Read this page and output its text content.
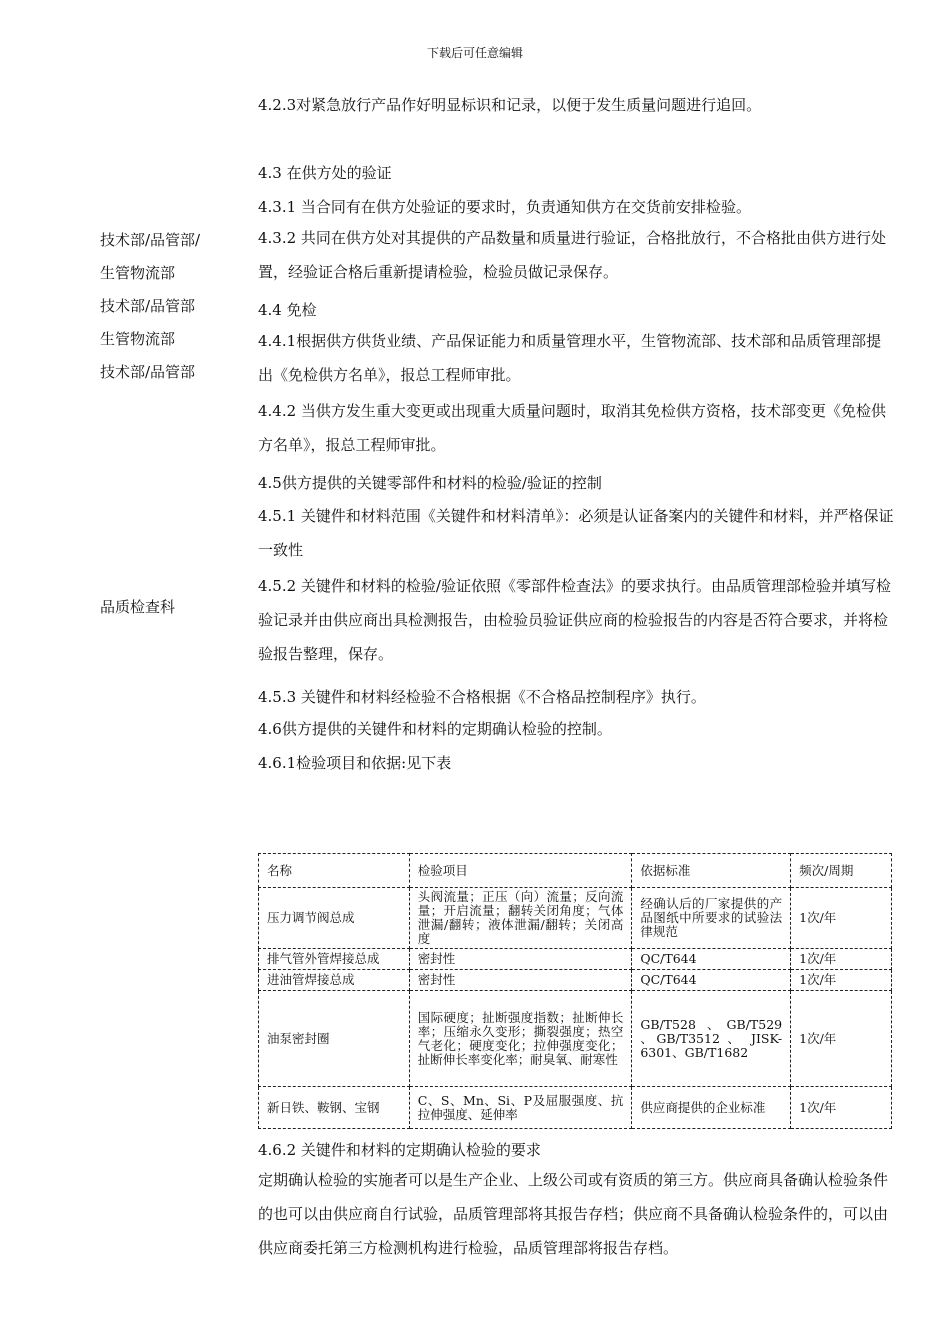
下载后可任意编辑
4.2.3对紧急放行产品作好明显标识和记录，以便于发生质量问题进行追回。
4.3 在供方处的验证
4.3.1 当合同有在供方处验证的要求时，负责通知供方在交货前安排检验。
技术部/品管部/
生管物流部
技术部/品管部
生管物流部
技术部/品管部
品质检查科
4.3.2 共同在供方处对其提供的产品数量和质量进行验证，合格批放行，不合格批由供方进行处置，经验证合格后重新提请检验，检验员做记录保存。
4.4 免检
4.4.1根据供方供货业绩、产品保证能力和质量管理水平，生管物流部、技术部和品质管理部提出《免检供方名单》，报总工程师审批。
4.4.2 当供方发生重大变更或出现重大质量问题时，取消其免检供方资格，技术部变更《免检供方名单》，报总工程师审批。
4.5供方提供的关键零部件和材料的检验/验证的控制
4.5.1 关键件和材料范围《关键件和材料清单》：必须是认证备案内的关键件和材料，并严格保证一致性
4.5.2 关键件和材料的检验/验证依照《零部件检查法》的要求执行。由品质管理部检验并填写检验记录并由供应商出具检测报告，由检验员验证供应商的检验报告的内容是否符合要求，并将检验报告整理，保存。
4.5.3 关键件和材料经检验不合格根据《不合格品控制程序》执行。
4.6供方提供的关键件和材料的定期确认检验的控制。
4.6.1检验项目和依据:见下表
名称	检验项目	依据标准	频次/周期
压力调节阀总成	头阀流量；正压（向）流量；反向流量；开启流量；翻转关闭角度；气体泄漏/翻转；液体泄漏/翻转；关闭高度	经确认后的厂家提供的产品图纸中所要求的试验法律规范	1次/年
排气管外管焊接总成	密封性	QC/T644	1次/年
进油管焊接总成	密封性	QC/T644	1次/年
油泵密封圈	国际硬度；扯断强度指数；扯断伸长率；压缩永久变形；撕裂强度；热空气老化；硬度变化；拉伸强度变化；扯断伸长率变化率；耐臭氧、耐寒性	GB/T528 、GB/T529 、GB/T3512 、 JISK-6301、GB/T1682	1次/年
新日铁、鞍钢、宝钢	C、S、Mn、Si、P及屈服强度、抗拉伸强度、延伸率	供应商提供的企业标准	1次/年
4.6.2 关键件和材料的定期确认检验的要求
定期确认检验的实施者可以是生产企业、上级公司或有资质的第三方。供应商具备确认检验条件的也可以由供应商自行试验，品质管理部将其报告存档；供应商不具备确认检验条件的，可以由供应商委托第三方检测机构进行检验，品质管理部将报告存档。
